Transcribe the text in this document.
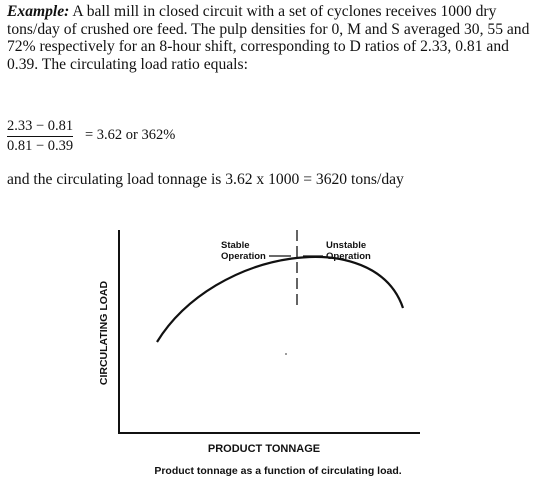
Example: A ball mill in closed circuit with a set of cyclones receives 1000 dry tons/day of crushed ore feed. The pulp densities for 0, M and S averaged 30, 55 and 72% respectively for an 8-hour shift, corresponding to D ratios of 2.33, 0.81 and 0.39. The circulating load ratio equals:

2.33 − 0.81
0.81 − 0.39
= 3.62 or 362%

and the circulating load tonnage is 3.62 x 1000 = 3620 tons/day

Stable
Operation
Unstable
Operation
CIRCULATING LOAD
PRODUCT TONNAGE
Product tonnage as a function of circulating load.
